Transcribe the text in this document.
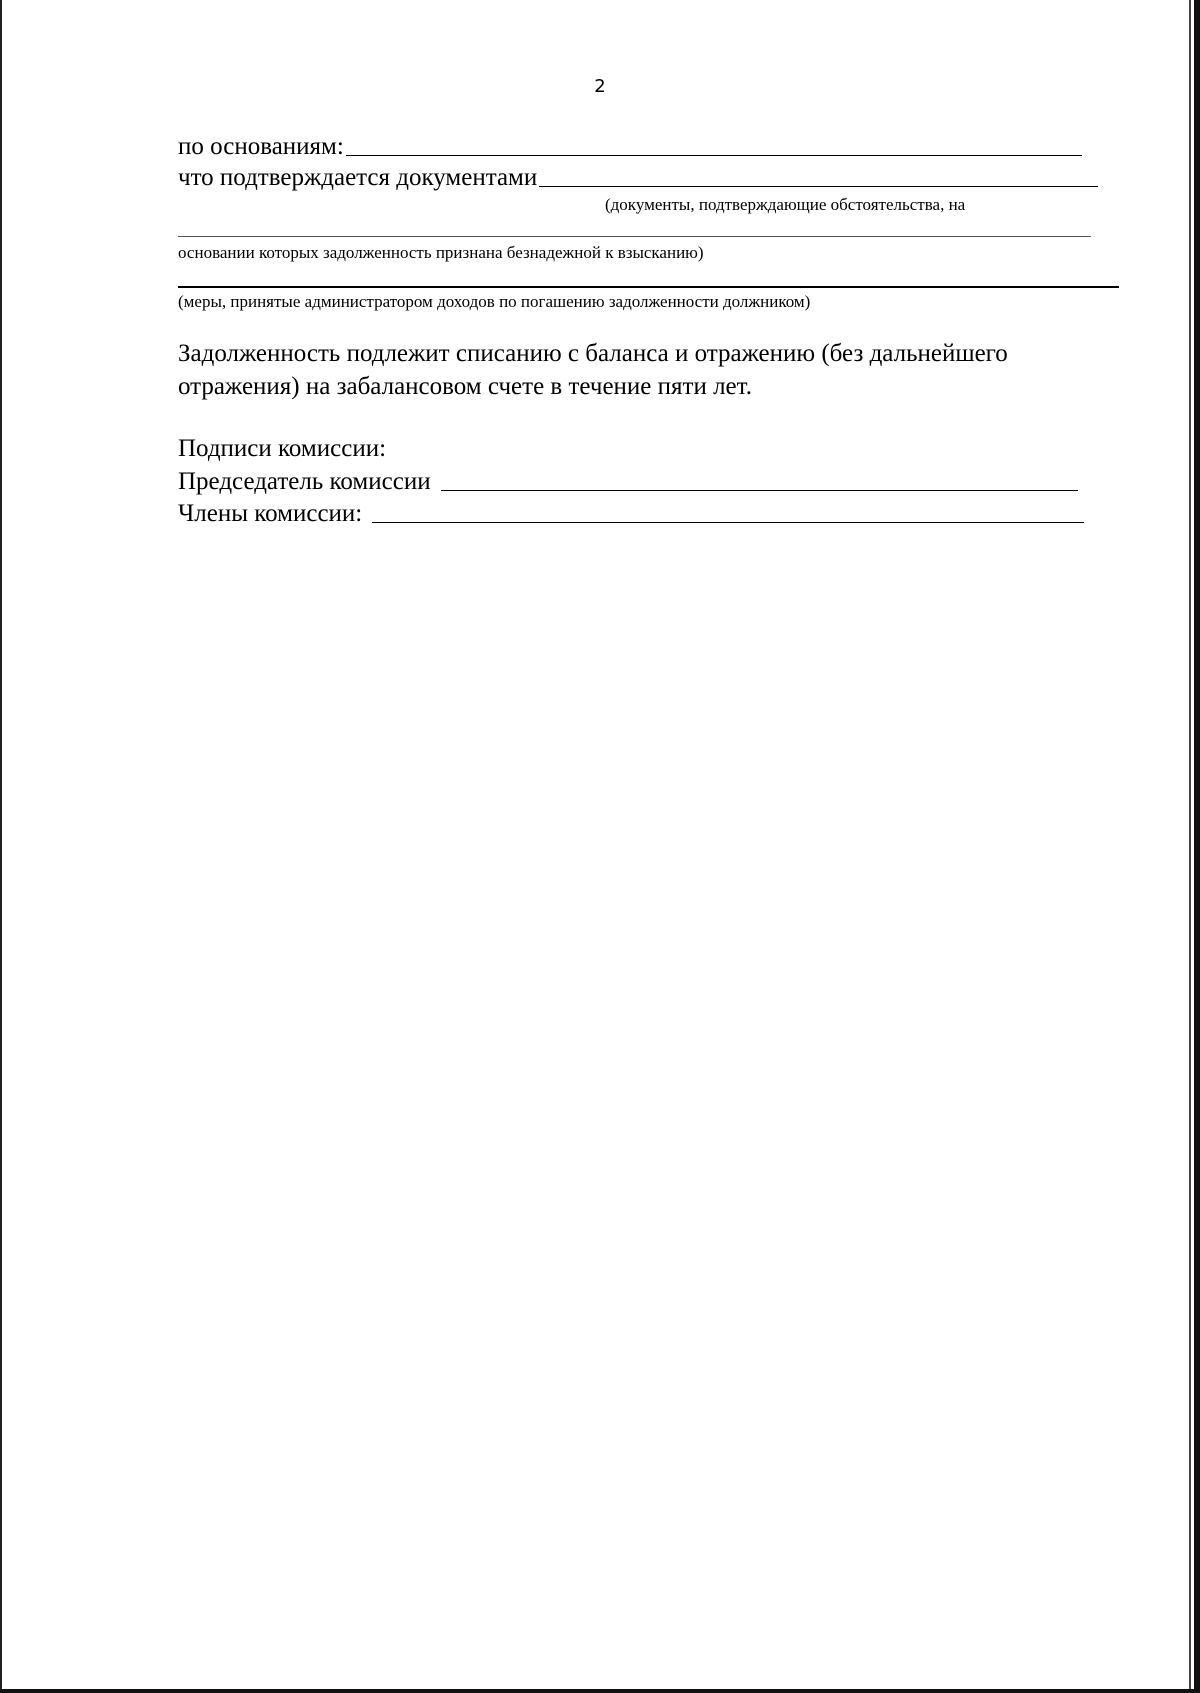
2
по основаниям:
что подтверждается документами
(документы, подтверждающие обстоятельства, на
основании которых задолженность признана безнадежной к взысканию)
(меры, принятые администратором доходов по погашению задолженности должником)
Задолженность подлежит списанию с баланса и отражению (без дальнейшего отражения) на забалансовом счете в течение пяти лет.
Подписи комиссии:
Председатель комиссии
Члены комиссии:
